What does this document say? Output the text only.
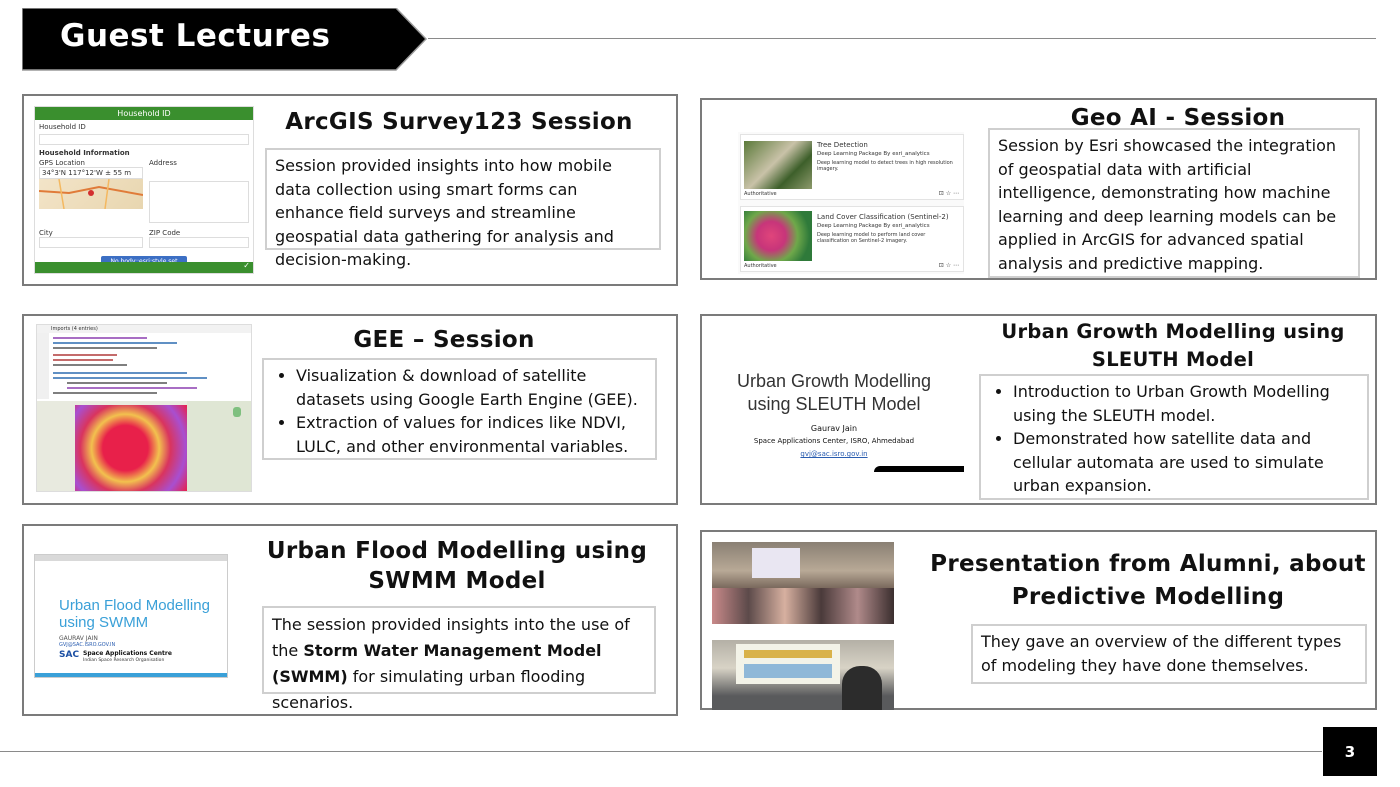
Guest Lectures
Household ID
Household ID
Household Information
GPS Location
34°3'N 117°12'W ± 55 m
Address
City	ZIP Code
✓
ArcGIS Survey123 Session
Session provided insights into how mobile data collection using smart forms can enhance field surveys and streamline geospatial data gathering for analysis and decision-making.
Tree Detection
Deep Learning Package By esri_analytics
Deep learning model to detect trees in high resolution imagery.
Authoritative	⊡ ☆ ⋯
Land Cover Classification (Sentinel-2)
Deep Learning Package By esri_analytics
Deep learning model to perform land cover classification on Sentinel-2 imagery.
Authoritative	⊡ ☆ ⋯
Geo AI - Session
Session by Esri showcased the integration of geospatial data with artificial intelligence, demonstrating how machine learning and deep learning models can be applied in ArcGIS for advanced spatial analysis and predictive mapping.
Imports (4 entries)	GEE – Session
• Visualization & download of satellite datasets using Google Earth Engine (GEE).
• Extraction of values for indices like NDVI, LULC, and other environmental variables.
Urban Growth Modelling using SLEUTH Model
Gaurav Jain
Space Applications Center, ISRO, Ahmedabad
gvj@sac.isro.gov.in
Urban Growth Modelling using SLEUTH Model
• Introduction to Urban Growth Modelling using the SLEUTH model.
• Demonstrated how satellite data and cellular automata are used to simulate urban expansion.
Urban Flood Modelling using SWMM
GAURAV JAIN
GVJ@SAC.ISRO.GOV.IN
SAC Space Applications Centre
Indian Space Research Organisation
Urban Flood Modelling using SWMM Model
The session provided insights into the use of the Storm Water Management Model (SWMM) for simulating urban flooding scenarios.
Presentation from Alumni, about Predictive Modelling
They gave an overview of the different types of modeling they have done themselves.
3
